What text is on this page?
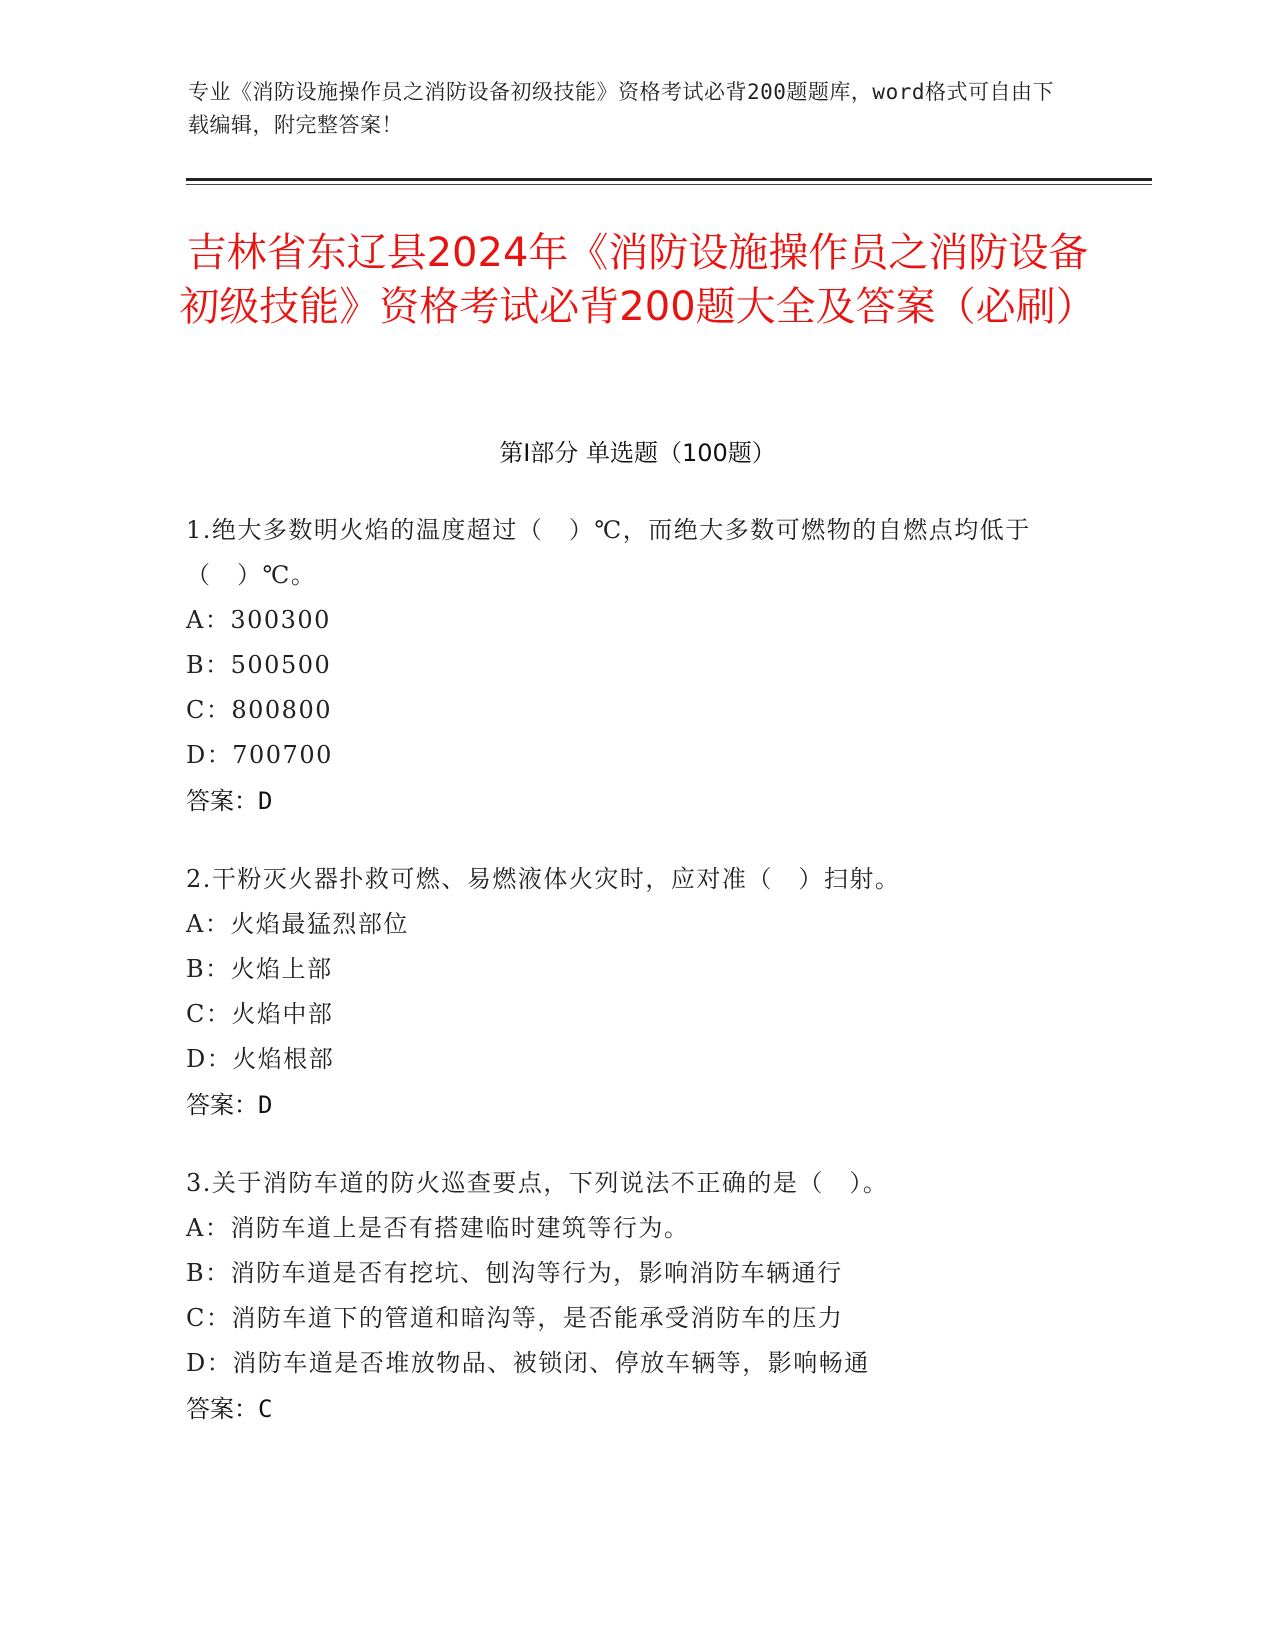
专业《消防设施操作员之消防设备初级技能》资格考试必背200题题库，word格式可自由下载编辑，附完整答案！
吉林省东辽县2024年《消防设施操作员之消防设备初级技能》资格考试必背200题大全及答案（必刷）
第Ⅰ部分 单选题（100题）
1.绝大多数明火焰的温度超过（　）℃，而绝大多数可燃物的自燃点均低于（　）℃。
A：300300
B：500500
C：800800
D：700700
答案：D
2.干粉灭火器扑救可燃、易燃液体火灾时，应对准（　）扫射。
A：火焰最猛烈部位
B：火焰上部
C：火焰中部
D：火焰根部
答案：D
3.关于消防车道的防火巡查要点，下列说法不正确的是（　）。
A：消防车道上是否有搭建临时建筑等行为。
B：消防车道是否有挖坑、刨沟等行为，影响消防车辆通行
C：消防车道下的管道和暗沟等，是否能承受消防车的压力
D：消防车道是否堆放物品、被锁闭、停放车辆等，影响畅通
答案：C
